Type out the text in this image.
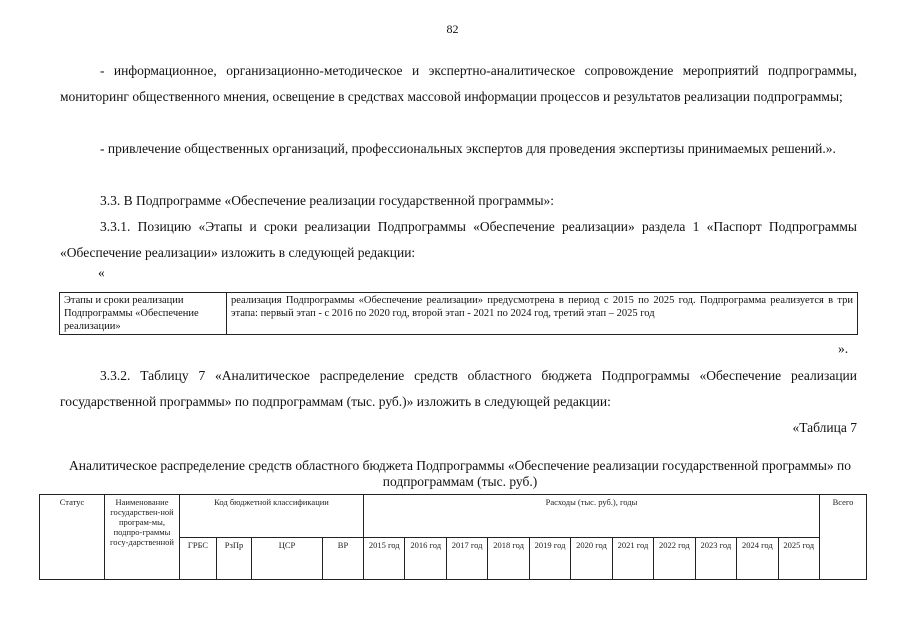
82
- информационное, организационно-методическое и экспертно-аналитическое сопровождение мероприятий подпрограммы, мониторинг общественного мнения, освещение в средствах массовой информации процессов и результатов реализации подпрограммы;
- привлечение общественных организаций, профессиональных экспертов для проведения экспертизы принимаемых решений.».
3.3. В Подпрограмме «Обеспечение реализации государственной программы»:
3.3.1. Позицию «Этапы и сроки реализации Подпрограммы «Обеспечение реализации» раздела 1 «Паспорт Подпрограммы «Обеспечение реализации» изложить в следующей редакции:
«
Этапы и сроки реализации Подпрограммы «Обеспечение реализации»	реализация Подпрограммы «Обеспечение реализации» предусмотрена в период с 2015 по 2025 год. Подпрограмма реализуется в три этапа: первый этап - с 2016 по 2020 год, второй этап - 2021 по 2024 год, третий этап – 2025 год
».
3.3.2. Таблицу 7 «Аналитическое распределение средств областного бюджета Подпрограммы «Обеспечение реализации государственной программы» по подпрограммам (тыс. руб.)» изложить в следующей редакции:
«Таблица 7
Аналитическое распределение средств областного бюджета Подпрограммы «Обеспечение реализации государственной программы» по подпрограммам (тыс. руб.)
Статус	Наименование государствен-ной програм-мы, подпро-граммы госу-дарственной	Код бюджетной классификации				Расходы (тыс. руб.), годы											Всего
		ГРБС	РзПр	ЦСР	ВР	2015 год	2016 год	2017 год	2018 год	2019 год	2020 год	2021 год	2022 год	2023 год	2024 год	2025 год	
